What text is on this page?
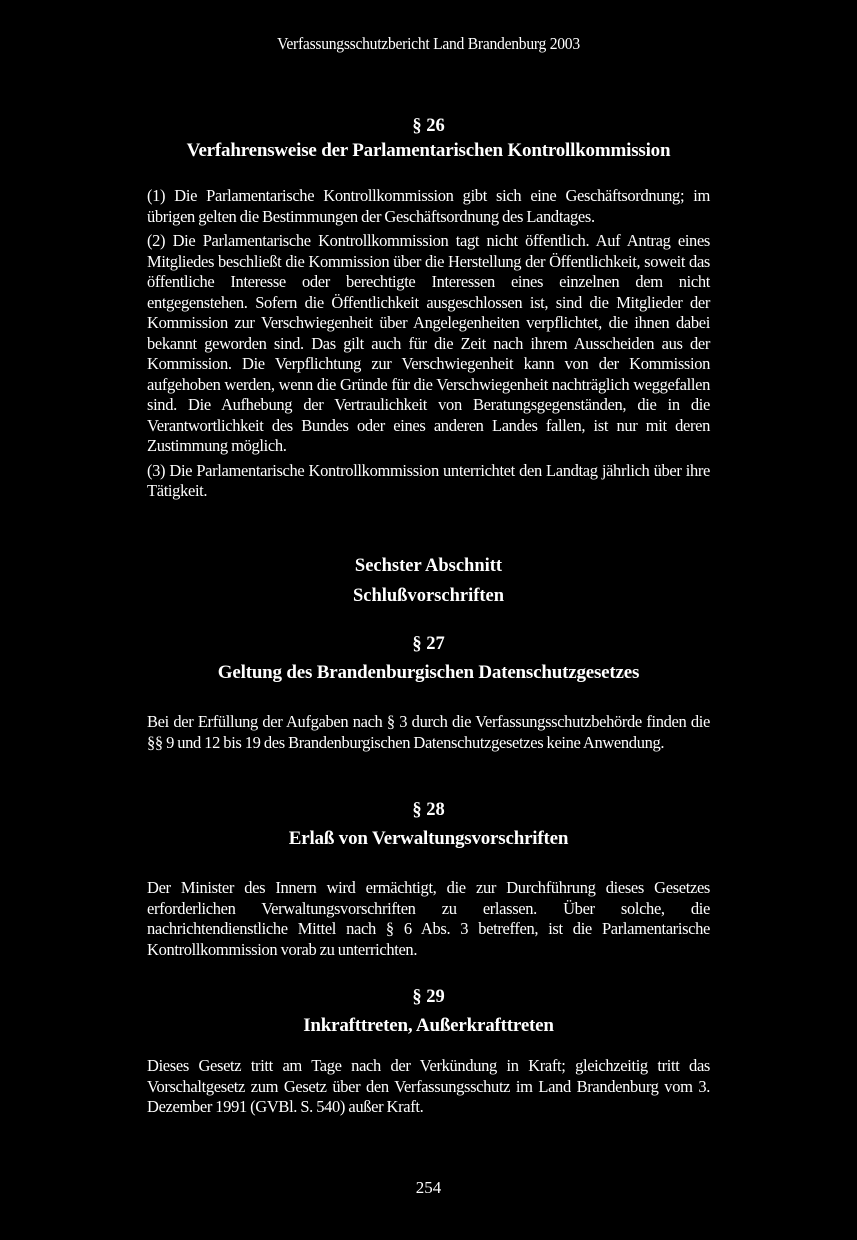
Verfassungsschutzbericht Land Brandenburg 2003
§ 26
Verfahrensweise der Parlamentarischen Kontrollkommission

(1) Die Parlamentarische Kontrollkommission gibt sich eine Geschäftsordnung; im übrigen gelten die Bestimmungen der Geschäftsordnung des Landtages.

(2) Die Parlamentarische Kontrollkommission tagt nicht öffentlich. Auf Antrag eines Mitgliedes beschließt die Kommission über die Herstellung der Öffentlichkeit, soweit das öffentliche Interesse oder berechtigte Interessen eines einzelnen dem nicht entgegenstehen. Sofern die Öffentlichkeit ausgeschlossen ist, sind die Mitglieder der Kommission zur Verschwiegenheit über Angelegenheiten verpflichtet, die ihnen dabei bekannt geworden sind. Das gilt auch für die Zeit nach ihrem Ausscheiden aus der Kommission. Die Verpflichtung zur Verschwiegenheit kann von der Kommission aufgehoben werden, wenn die Gründe für die Verschwiegenheit nachträglich weggefallen sind. Die Aufhebung der Vertraulichkeit von Beratungsgegenständen, die in die Verantwortlichkeit des Bundes oder eines anderen Landes fallen, ist nur mit deren Zustimmung möglich.

(3) Die Parlamentarische Kontrollkommission unterrichtet den Landtag jährlich über ihre Tätigkeit.

Sechster Abschnitt
Schlußvorschriften
§ 27
Geltung des Brandenburgischen Datenschutzgesetzes

Bei der Erfüllung der Aufgaben nach § 3 durch die Verfassungsschutzbehörde finden die §§ 9 und 12 bis 19 des Brandenburgischen Datenschutzgesetzes keine Anwendung.

§ 28
Erlaß von Verwaltungsvorschriften

Der Minister des Innern wird ermächtigt, die zur Durchführung dieses Gesetzes erforderlichen Verwaltungsvorschriften zu erlassen. Über solche, die nachrichtendienstliche Mittel nach § 6 Abs. 3 betreffen, ist die Parlamentarische Kontrollkommission vorab zu unterrichten.

§ 29
Inkrafttreten, Außerkrafttreten

Dieses Gesetz tritt am Tage nach der Verkündung in Kraft; gleichzeitig tritt das Vorschaltgesetz zum Gesetz über den Verfassungsschutz im Land Brandenburg vom 3. Dezember 1991 (GVBl. S. 540) außer Kraft.

254
